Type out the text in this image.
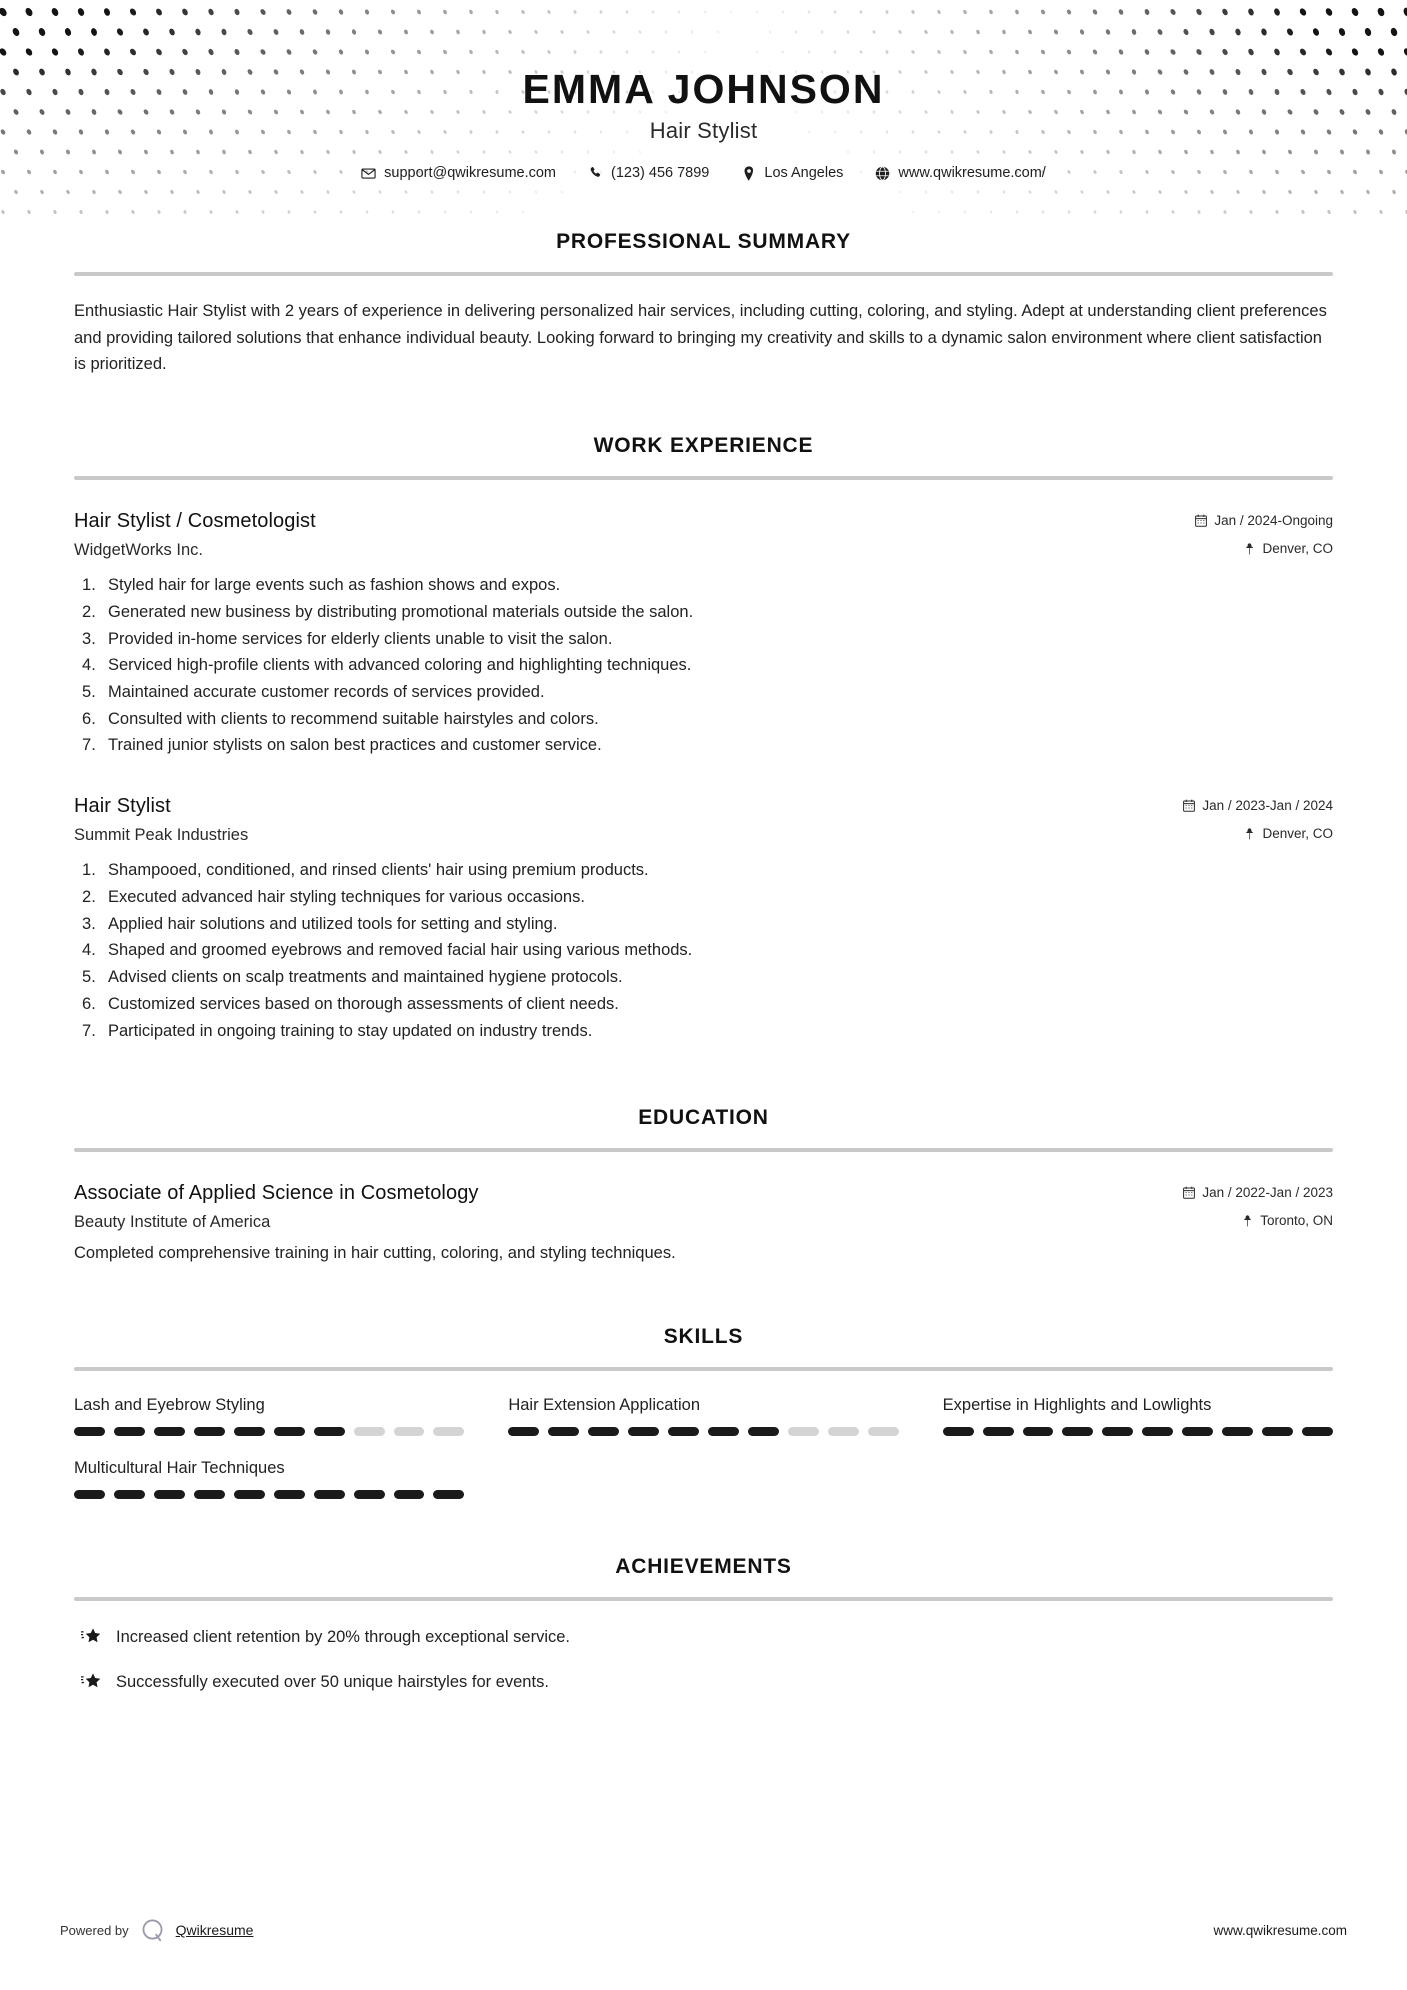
EMMA JOHNSON
Hair Stylist
support@qwikresume.com	(123) 456 7899	Los Angeles	www.qwikresume.com/
PROFESSIONAL SUMMARY

Enthusiastic Hair Stylist with 2 years of experience in delivering personalized hair services, including cutting, coloring, and styling. Adept at understanding client preferences and providing tailored solutions that enhance individual beauty. Looking forward to bringing my creativity and skills to a dynamic salon environment where client satisfaction is prioritized.

WORK EXPERIENCE
Hair Stylist / Cosmetologist	Jan / 2024-Ongoing
WidgetWorks Inc.	Denver, CO
Styled hair for large events such as fashion shows and expos.
Generated new business by distributing promotional materials outside the salon.
Provided in-home services for elderly clients unable to visit the salon.
Serviced high-profile clients with advanced coloring and highlighting techniques.
Maintained accurate customer records of services provided.
Consulted with clients to recommend suitable hairstyles and colors.
Trained junior stylists on salon best practices and customer service.
Hair Stylist	Jan / 2023-Jan / 2024
Summit Peak Industries	Denver, CO
Shampooed, conditioned, and rinsed clients' hair using premium products.
Executed advanced hair styling techniques for various occasions.
Applied hair solutions and utilized tools for setting and styling.
Shaped and groomed eyebrows and removed facial hair using various methods.
Advised clients on scalp treatments and maintained hygiene protocols.
Customized services based on thorough assessments of client needs.
Participated in ongoing training to stay updated on industry trends.
EDUCATION
Associate of Applied Science in Cosmetology	Jan / 2022-Jan / 2023
Beauty Institute of America	Toronto, ON
Completed comprehensive training in hair cutting, coloring, and styling techniques.
SKILLS
Lash and Eyebrow Styling	Hair Extension Application	Expertise in Highlights and Lowlights
Multicultural Hair Techniques
ACHIEVEMENTS
Increased client retention by 20% through exceptional service.
Successfully executed over 50 unique hairstyles for events.
Powered by	Qwikresume	www.qwikresume.com
